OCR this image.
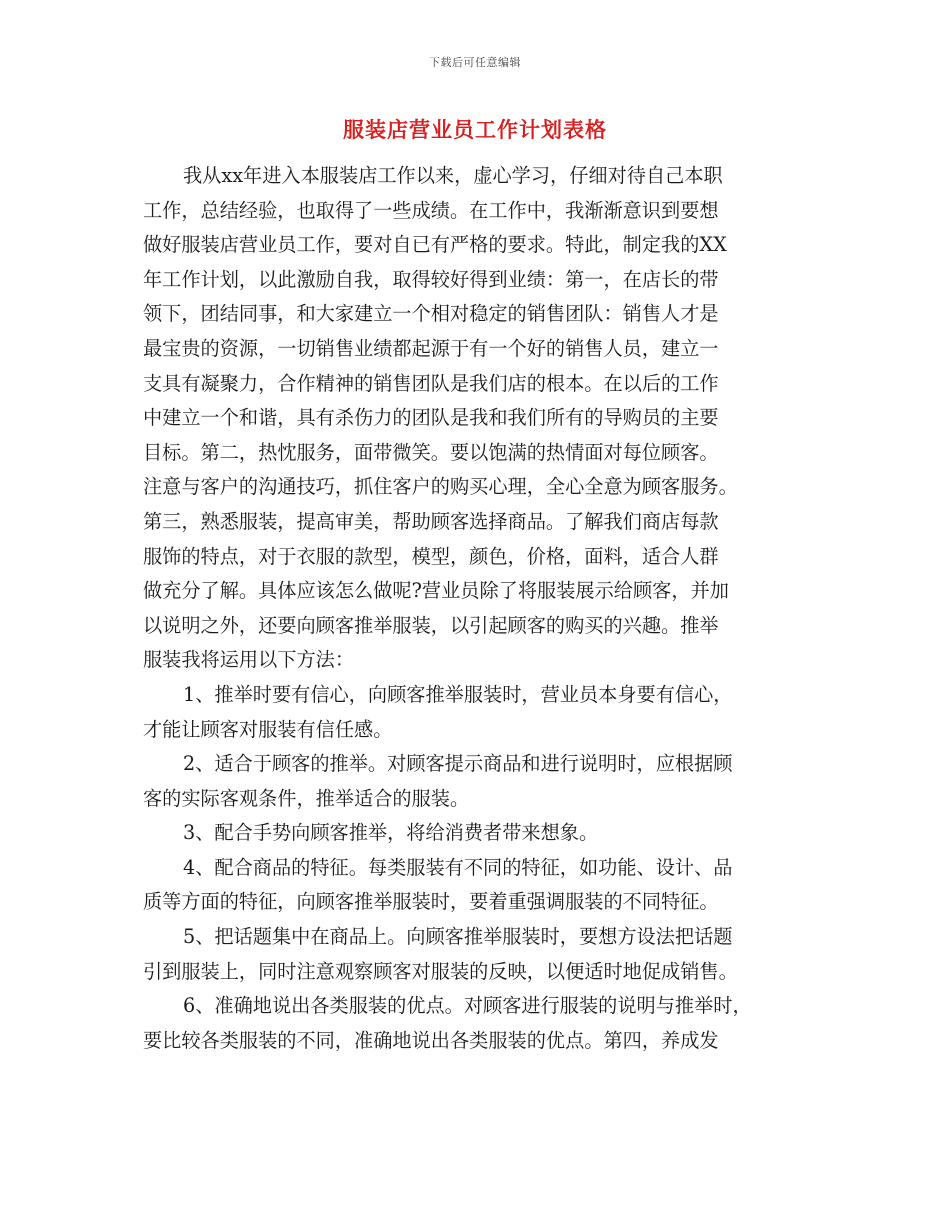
下载后可任意编辑
服装店营业员工作计划表格
我从xx年进入本服装店工作以来，虚心学习，仔细对待自己本职
工作，总结经验，也取得了一些成绩。在工作中，我渐渐意识到要想
做好服装店营业员工作，要对自已有严格的要求。特此，制定我的XX
年工作计划，以此激励自我，取得较好得到业绩：第一，在店长的带
领下，团结同事，和大家建立一个相对稳定的销售团队：销售人才是
最宝贵的资源，一切销售业绩都起源于有一个好的销售人员，建立一
支具有凝聚力，合作精神的销售团队是我们店的根本。在以后的工作
中建立一个和谐，具有杀伤力的团队是我和我们所有的导购员的主要
目标。第二，热忱服务，面带微笑。要以饱满的热情面对每位顾客。
注意与客户的沟通技巧，抓住客户的购买心理，全心全意为顾客服务。
第三，熟悉服装，提高审美，帮助顾客选择商品。了解我们商店每款
服饰的特点，对于衣服的款型，模型，颜色，价格，面料，适合人群
做充分了解。具体应该怎么做呢?营业员除了将服装展示给顾客，并加
以说明之外，还要向顾客推举服装，以引起顾客的购买的兴趣。推举
服装我将运用以下方法：
1、推举时要有信心，向顾客推举服装时，营业员本身要有信心，
才能让顾客对服装有信任感。
2、适合于顾客的推举。对顾客提示商品和进行说明时，应根据顾
客的实际客观条件，推举适合的服装。
3、配合手势向顾客推举，将给消费者带来想象。
4、配合商品的特征。每类服装有不同的特征，如功能、设计、品
质等方面的特征，向顾客推举服装时，要着重强调服装的不同特征。
5、把话题集中在商品上。向顾客推举服装时，要想方设法把话题
引到服装上，同时注意观察顾客对服装的反映，以便适时地促成销售。
6、准确地说出各类服装的优点。对顾客进行服装的说明与推举时，
要比较各类服装的不同，准确地说出各类服装的优点。第四，养成发
